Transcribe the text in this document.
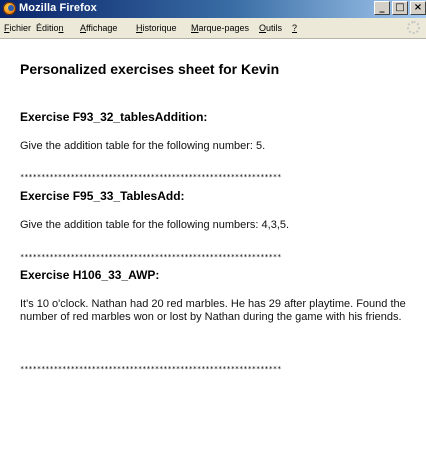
Mozilla Firefox	_	□ ×
Fichier Édition Affichage Historique Marque-pages Outils ?
Personalized exercises sheet for Kevin

Exercise F93_32_tablesAddition:

Give the addition table for the following number: 5.

**************************************************************

Exercise F95_33_TablesAdd:

Give the addition table for the following numbers: 4,3,5.

**************************************************************

Exercise H106_33_AWP:

It's 10 o'clock. Nathan had 20 red marbles. He has 29 after playtime. Found the number of red marbles won or lost by Nathan during the game with his friends.

**************************************************************
